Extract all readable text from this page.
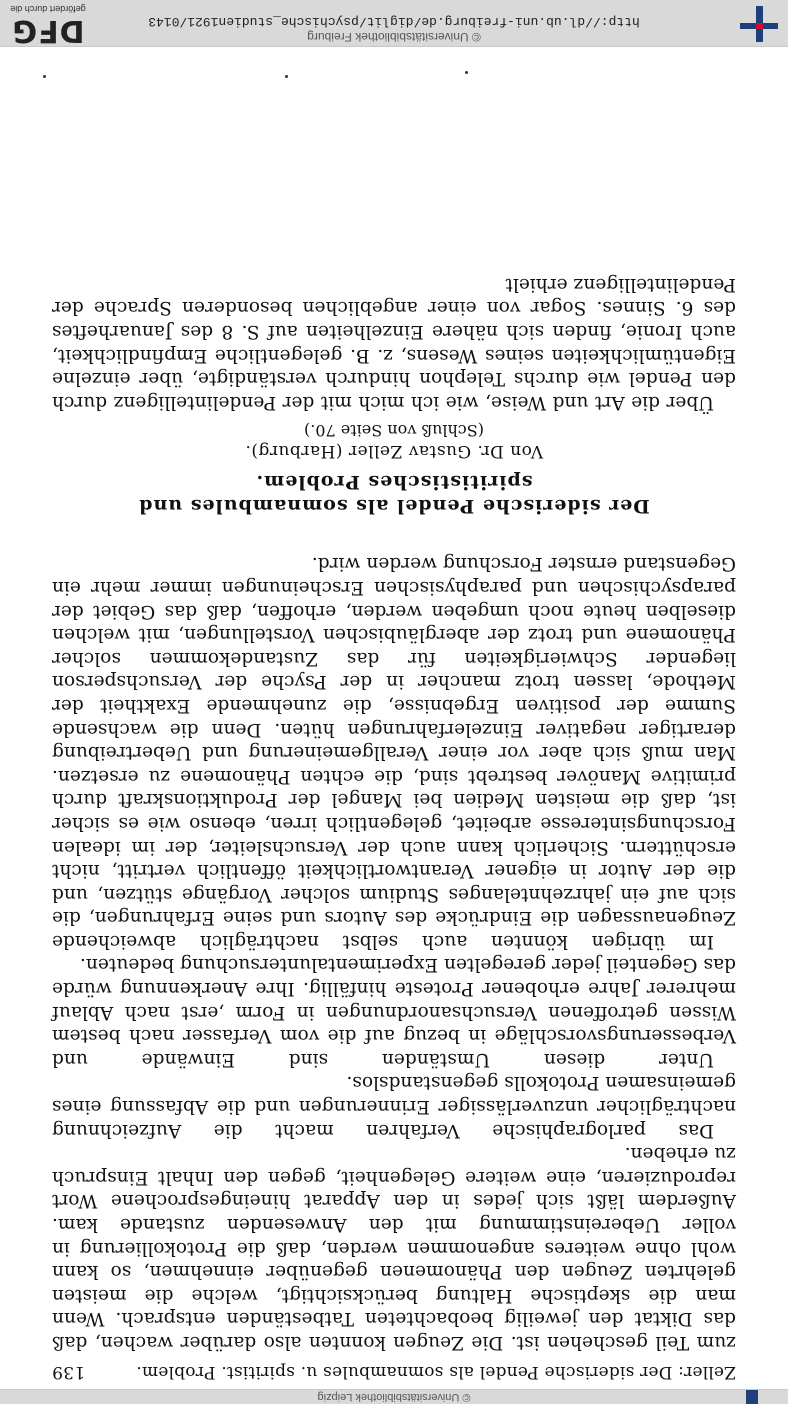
© Universitätsbibliothek Leipzig
Zeller: Der siderische Pendel als somnambules u. spiritist. Problem.
139

zum Teil geschehen ist. Die Zeugen konnten also darüber wachen, daß das Diktat den jeweilig beobachteten Tatbeständen entsprach. Wenn man die skeptische Haltung berücksichtigt, welche die meisten gelehrten Zeugen den Phänomenen gegenüber einnehmen, so kann wohl ohne weiteres angenommen werden, daß die Protokollierung in voller Uebereinstimmung mit den Anwesenden zustande kam. Außerdem läßt sich jedes in den Apparat hineingesprochene Wort reproduzieren, eine weitere Gelegenheit, gegen den Inhalt Einspruch zu erheben.

Das parlographische Verfahren macht die Aufzeichnung nachträglicher unzuverlässiger Erinnerungen und die Abfassung eines gemeinsamen Protokolls gegenstandslos.

Unter diesen Umständen sind Einwände und Verbesserungsvorschläge in bezug auf die vom Verfasser nach bestem Wissen getroffenen Versuchsanordnungen in Form ,erst nach Ablauf mehrerer Jahre erhobener Proteste hinfällig. Ihre Anerkennung würde das Gegenteil jeder geregelten Experimentaluntersuchung bedeuten.

Im übrigen könnten auch selbst nachträglich abweichende Zeugenaussagen die Eindrücke des Autors und seine Erfahrungen, die sich auf ein jahrzehntelanges Studium solcher Vorgänge stützen, und die der Autor in eigener Verantwortlichkeit öffentlich vertritt, nicht erschüttern. Sicherlich kann auch der Versuchsleiter, der im idealen Forschungsinteresse arbeitet, gelegentlich irren, ebenso wie es sicher ist, daß die meisten Medien bei Mangel der Produktionskraft durch primitive Manöver bestrebt sind, die echten Phänomene zu ersetzen. Man muß sich aber vor einer Verallgemeinerung und Uebertreibung derartiger negativer Einzelerfahrungen hüten. Denn die wachsende Summe der positiven Ergebnisse, die zunehmende Exaktheit der Methode, lassen trotz mancher in der Psyche der Versuchsperson liegender Schwierigkeiten für das Zustandekommen solcher Phänomene und trotz der abergläubischen Vorstellungen, mit welchen dieselben heute noch umgeben werden, erhoffen, daß das Gebiet der parapsychischen und paraphysischen Erscheinungen immer mehr ein Gegenstand ernster Forschung werden wird.

Der siderische Pendel als somnambules und spiritistisches Problem.
Von Dr. Gustav Zeller (Harburg).
(Schluß von Seite 70.)

Über die Art und Weise, wie ich mich mit der Pendelintelligenz durch den Pendel wie durchs Telephon hindurch verständigte, über einzelne Eigentümlichkeiten seines Wesens, z. B. gelegentliche Empfindlichkeit, auch Ironie, finden sich nähere Einzelheiten auf S. 8 des Januarheftes des 6. Sinnes. Sogar von einer angeblichen besonderen Sprache der Pendelintelligenz erhielt

© Universitätsbibliothek Freiburg
http://dl.ub.uni-freiburg.de/diglit/psychische_studien1921/0143
DFG
gefördert durch die
